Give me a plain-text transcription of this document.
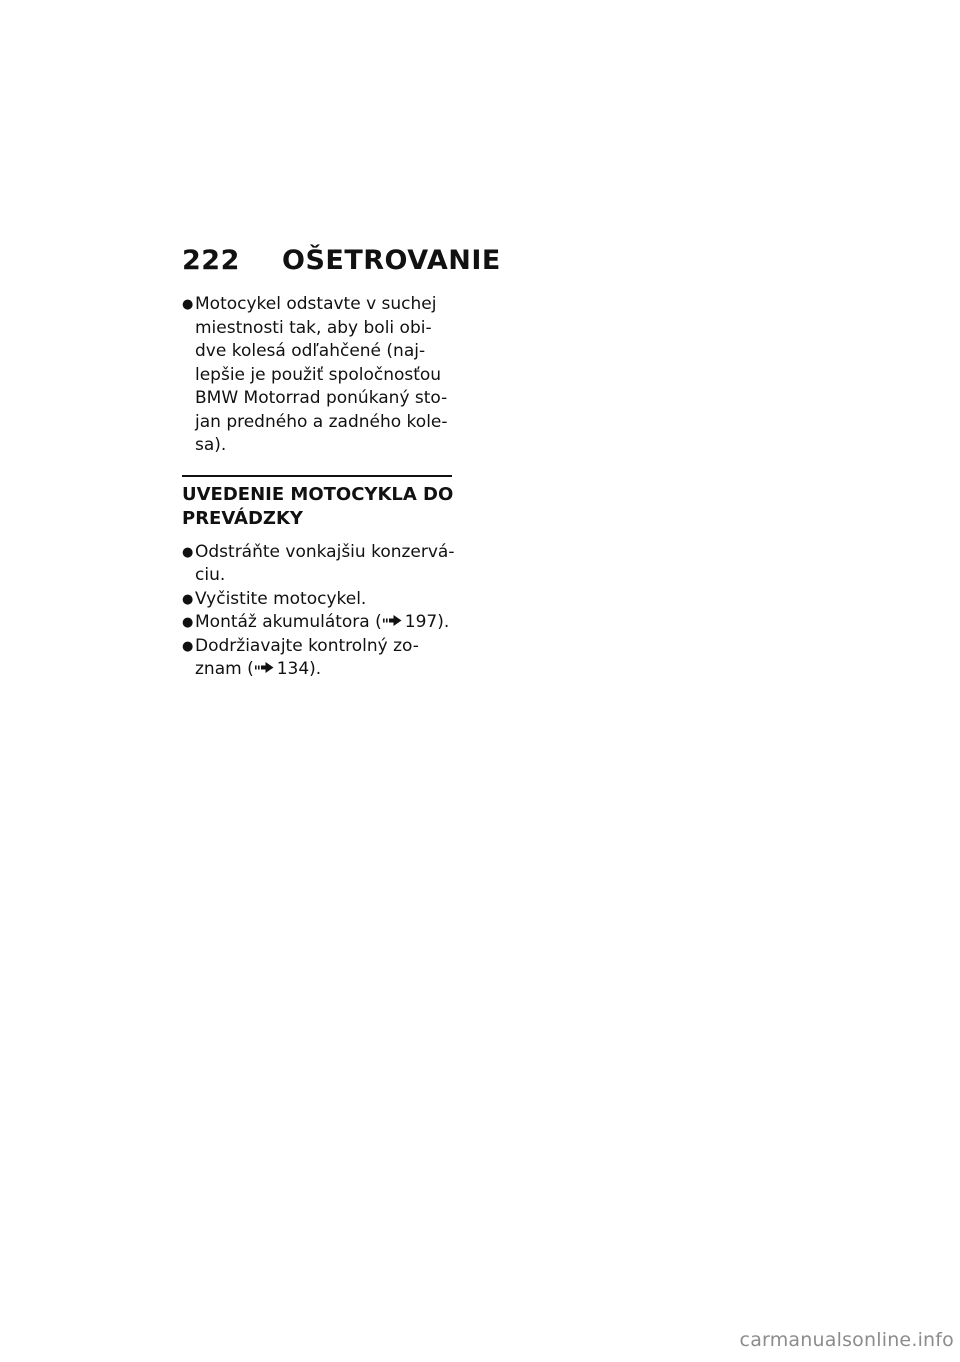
222 OŠETROVANIE
● Motocykel odstavte v suchej
miestnosti tak, aby boli obi-
dve kolesá odľahčené (naj-
lepšie je použiť spoločnosťou
BMW Motorrad ponúkaný sto-
jan predného a zadného kole-
sa).
UVEDENIE MOTOCYKLA DO
PREVÁDZKY
● Odstráňte vonkajšiu konzervá-
ciu.
● Vyčistite motocykel.
● Montáž akumulátora ( 197).
● Dodržiavajte kontrolný zo-
znam ( 134).
carmanualsonline.info
